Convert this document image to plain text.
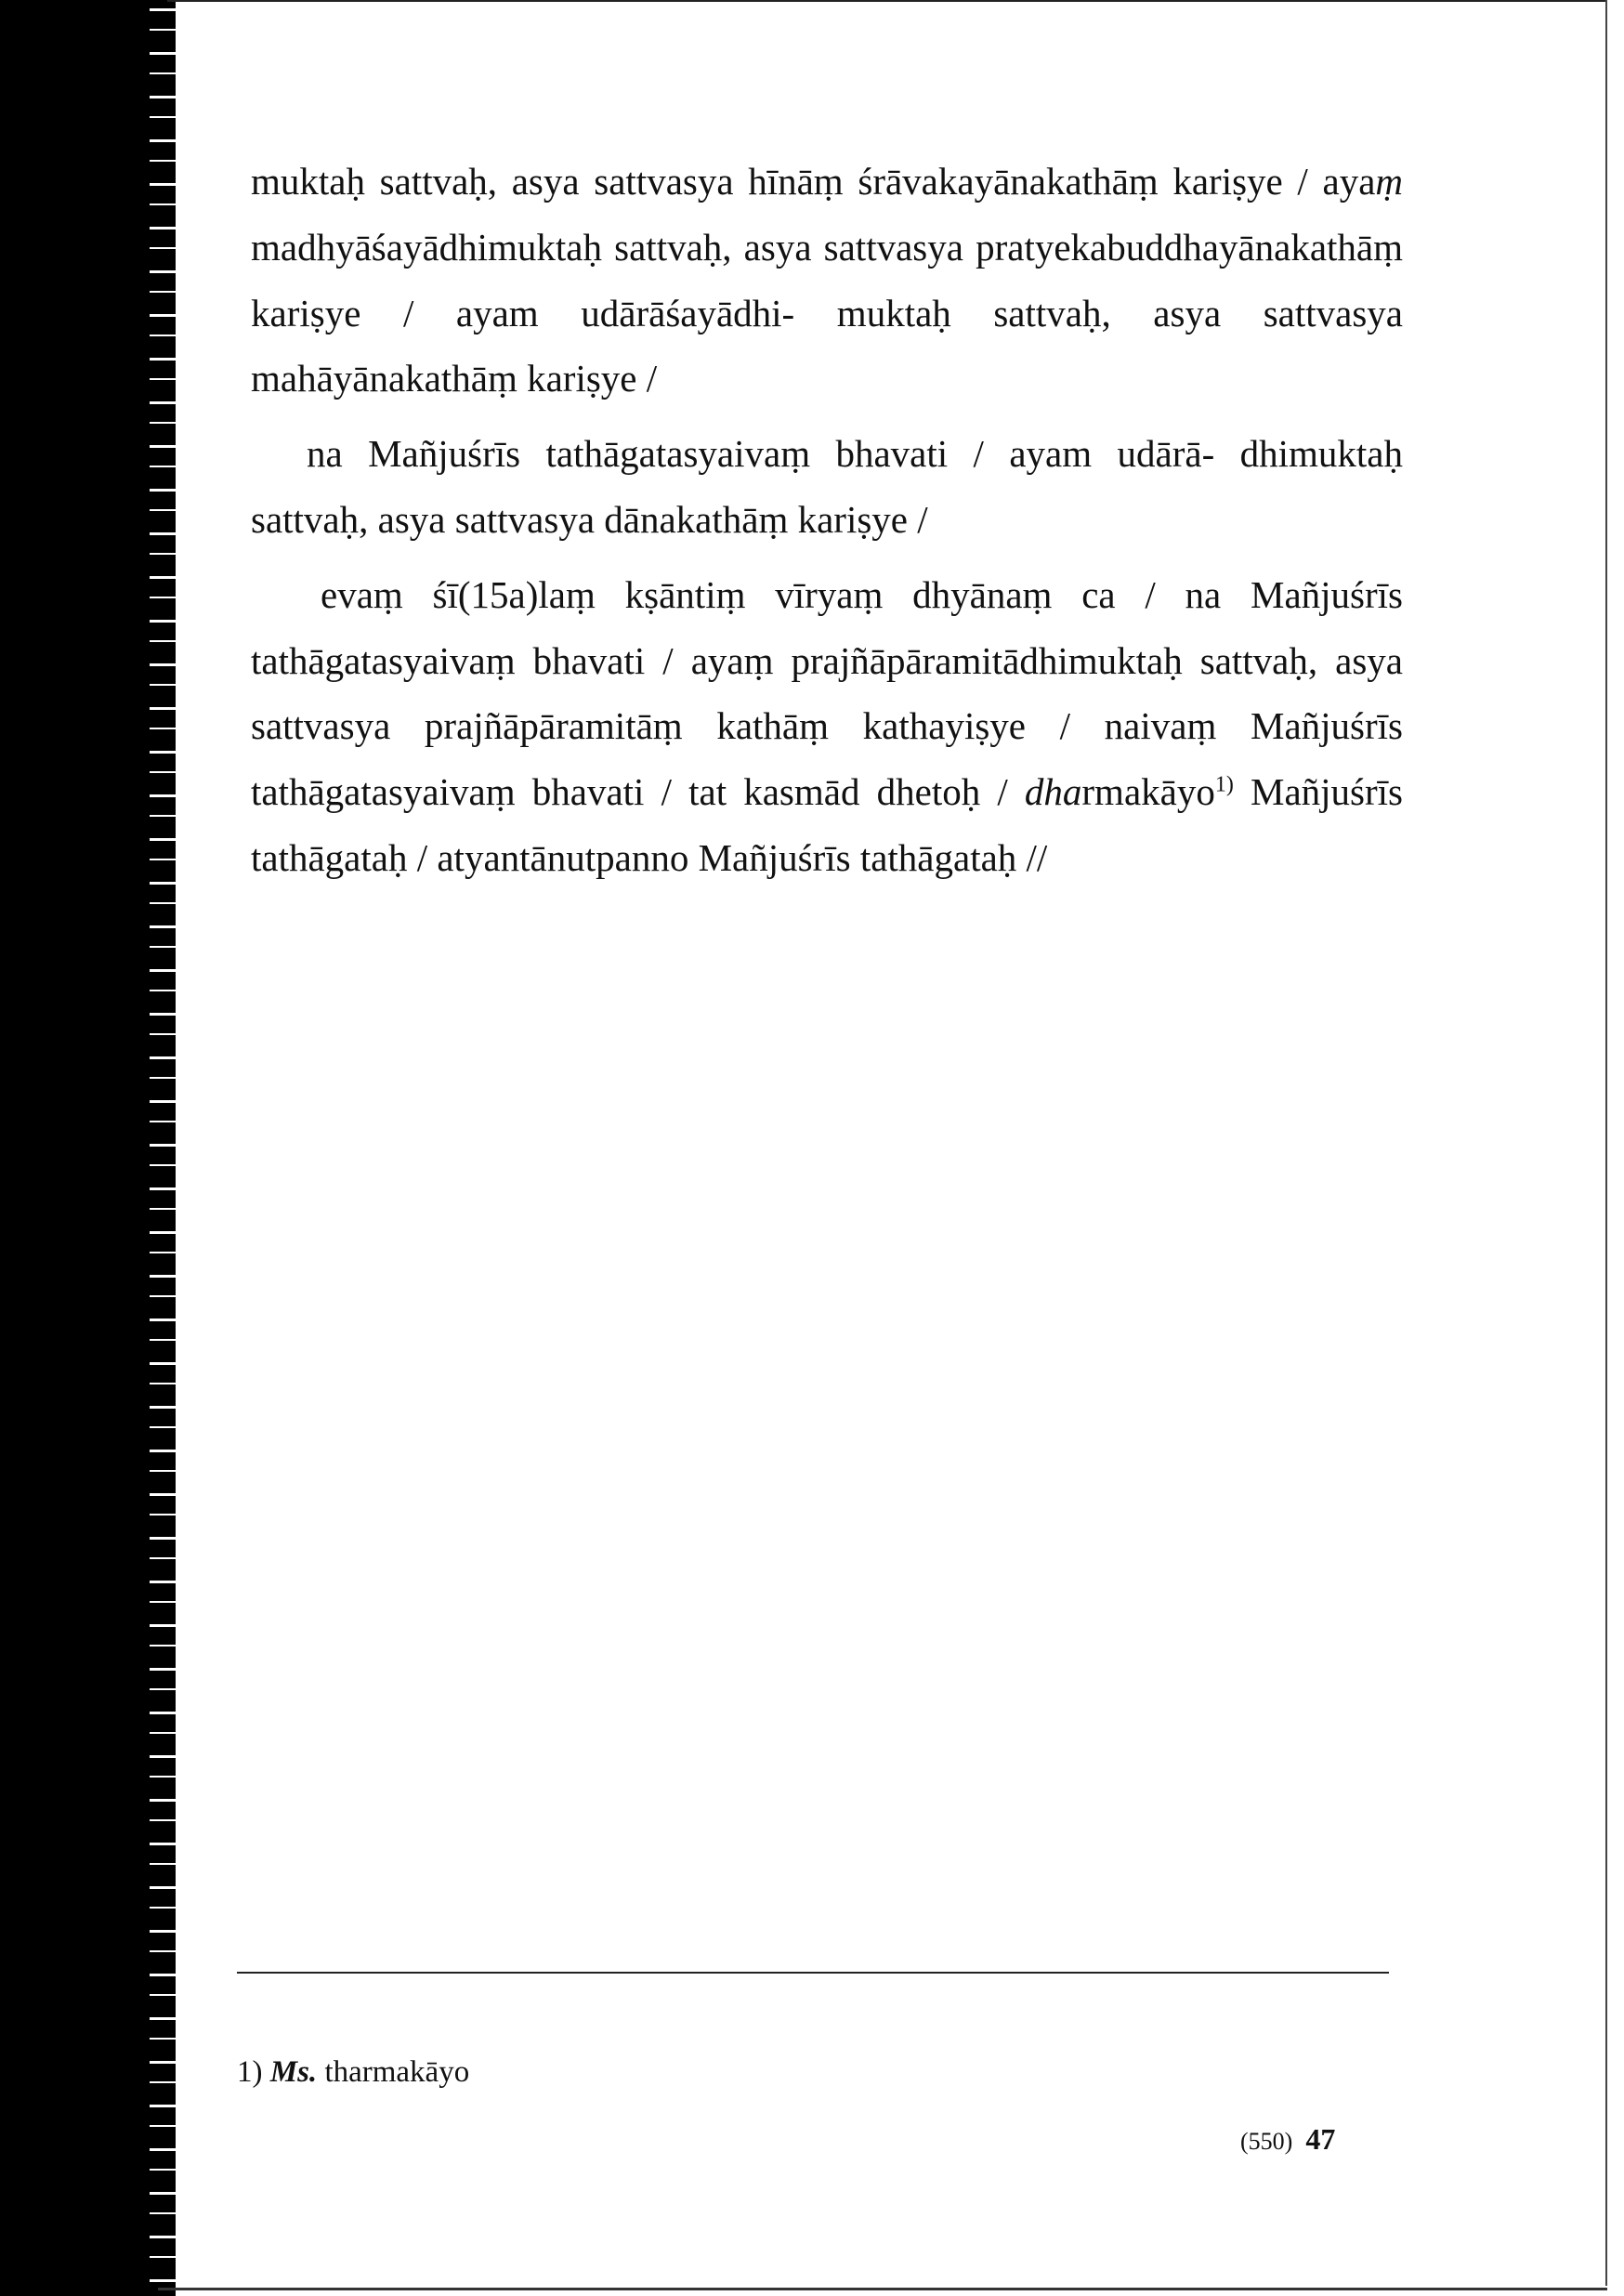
muktaḥ sattvaḥ, asya sattvasya hīnāṃ śrāvakayānakathāṃ kariṣye / ayaṃ madhyāśayādhimuktaḥ sattvaḥ, asya sattvasya pratyekabuddhayānakathāṃ kariṣye / ayam udārāśayādhi- muktaḥ sattvaḥ, asya sattvasya mahāyānakathāṃ kariṣye /

na Mañjuśrīs tathāgatasyaivaṃ bhavati / ayam udārā- dhimuktaḥ sattvaḥ, asya sattvasya dānakathāṃ kariṣye /

evaṃ śī(15a)laṃ kṣāntiṃ vīryaṃ dhyānaṃ ca / na Mañjuśrīs tathāgatasyaivaṃ bhavati / ayaṃ prajñāpāramitādhimuktaḥ sattvaḥ, asya sattvasya prajñāpāramitāṃ kathāṃ kathayiṣye / naivaṃ Mañjuśrīs tathāgatasyaivaṃ bhavati / tat kasmād dhetoḥ / dharmakāyo$^{1)}$ Mañjuśrīs tathāgataḥ / atyantānutpanno Mañjuśrīs tathāgataḥ //

1) Ms. tharmakāyo
(550) 47
